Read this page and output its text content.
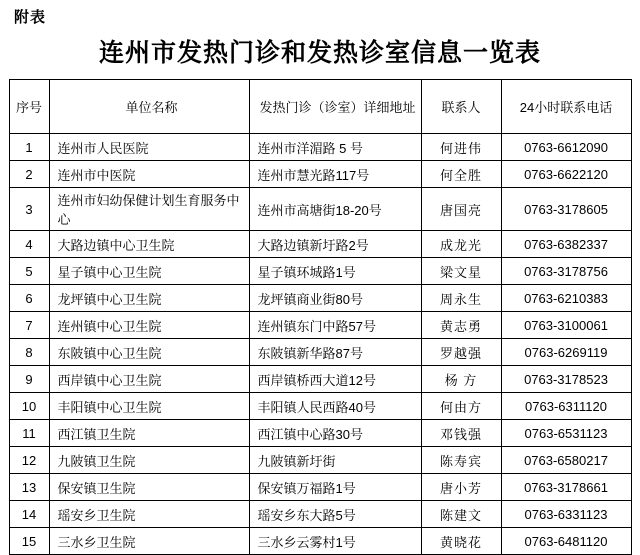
附表
连州市发热门诊和发热诊室信息一览表
序号	单位名称	发热门诊（诊室）详细地址	联系人	24小时联系电话
1	连州市人民医院	连州市洋湄路 5 号	何进伟	0763-6612090
2	连州市中医院	连州市慧光路117号	何全胜	0763-6622120
3	连州市妇幼保健计划生育服务中心	连州市高塘街18-20号	唐国亮	0763-3178605
4	大路边镇中心卫生院	大路边镇新圩路2号	成龙光	0763-6382337
5	星子镇中心卫生院	星子镇环城路1号	梁文星	0763-3178756
6	龙坪镇中心卫生院	龙坪镇商业街80号	周永生	0763-6210383
7	连州镇中心卫生院	连州镇东门中路57号	黄志勇	0763-3100061
8	东陂镇中心卫生院	东陂镇新华路87号	罗越强	0763-6269119
9	西岸镇中心卫生院	西岸镇桥西大道12号	杨 方	0763-3178523
10	丰阳镇中心卫生院	丰阳镇人民西路40号	何由方	0763-6311120
11	西江镇卫生院	西江镇中心路30号	邓钱强	0763-6531123
12	九陂镇卫生院	九陂镇新圩街	陈寿宾	0763-6580217
13	保安镇卫生院	保安镇万福路1号	唐小芳	0763-3178661
14	瑶安乡卫生院	瑶安乡东大路5号	陈建文	0763-6331123
15	三水乡卫生院	三水乡云雾村1号	黄晓花	0763-6481120
